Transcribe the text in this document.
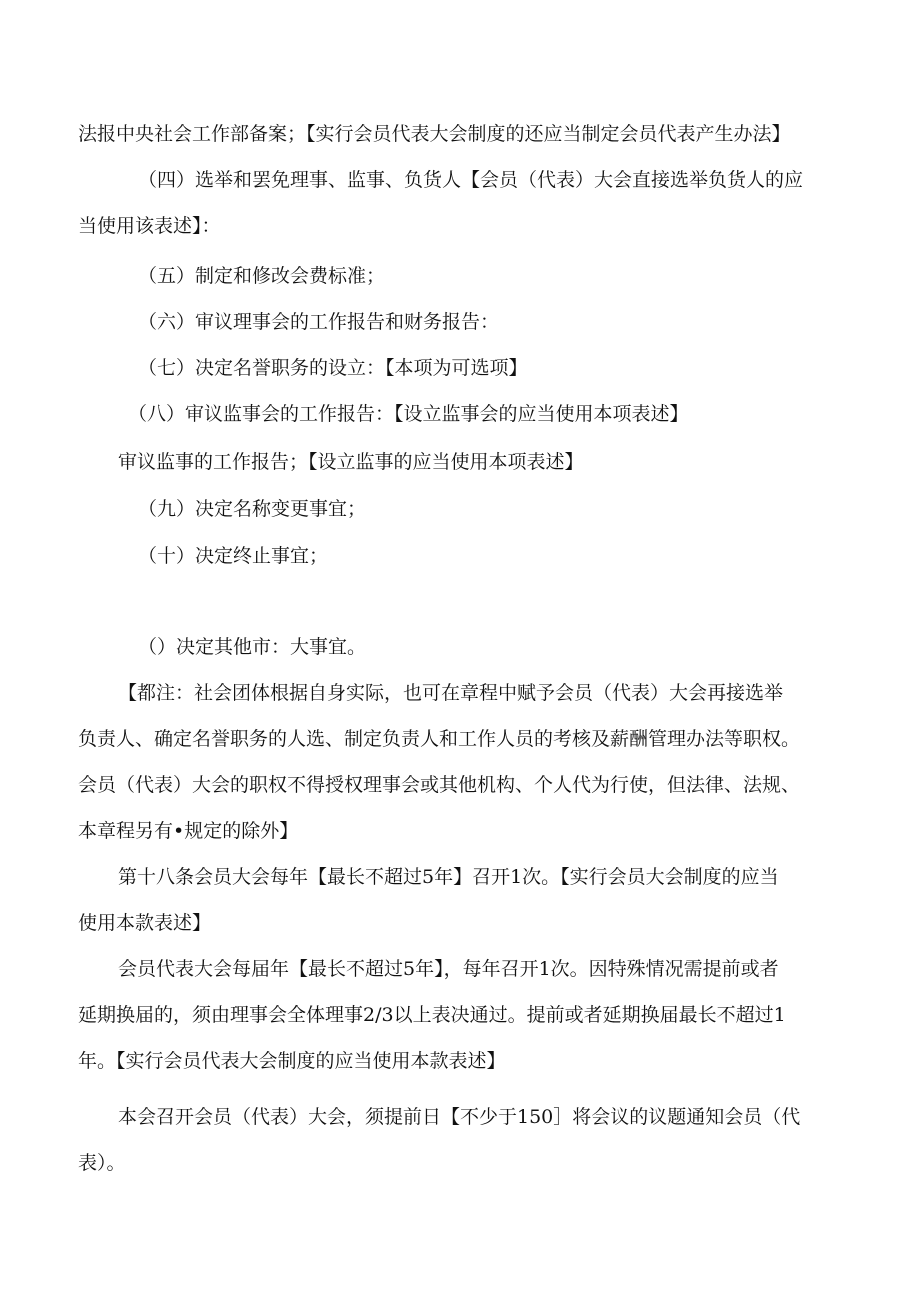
法报中央社会工作部备案；【实行会员代表大会制度的还应当制定会员代表产生办法】

（四）选举和罢免理事、监事、负货人【会员（代表）大会直接选举负货人的应
当使用该表述】：

（五）制定和修改会费标准；

（六）审议理事会的工作报告和财务报告：

（七）决定名誉职务的设立：【本项为可选项】

（八）审议监事会的工作报告：【设立监事会的应当使用本项表述】

审议监事的工作报告；【设立监事的应当使用本项表述】

（九）决定名称变更事宜；

（十）决定终止事宜；

（）决定其他市：大事宜。

【都注：社会团体根据自身实际，也可在章程中赋予会员（代表）大会再接选举
负责人、确定名誉职务的人选、制定负责人和工作人员的考核及薪酬管理办法等职权。
会员（代表）大会的职权不得授权理事会或其他机构、个人代为行使，但法律、法规、
本章程另有•规定的除外】

第十八条会员大会每年【最长不超过5年】召开1次。【实行会员大会制度的应当
使用本款表述】

会员代表大会每届年【最长不超过5年】，每年召开1次。因特殊情况需提前或者
延期换届的，须由理事会全体理事2/3以上表决通过。提前或者延期换届最长不超过1
年。【实行会员代表大会制度的应当使用本款表述】

本会召开会员（代表）大会，须提前日【不少于150］将会议的议题通知会员（代
表）。
